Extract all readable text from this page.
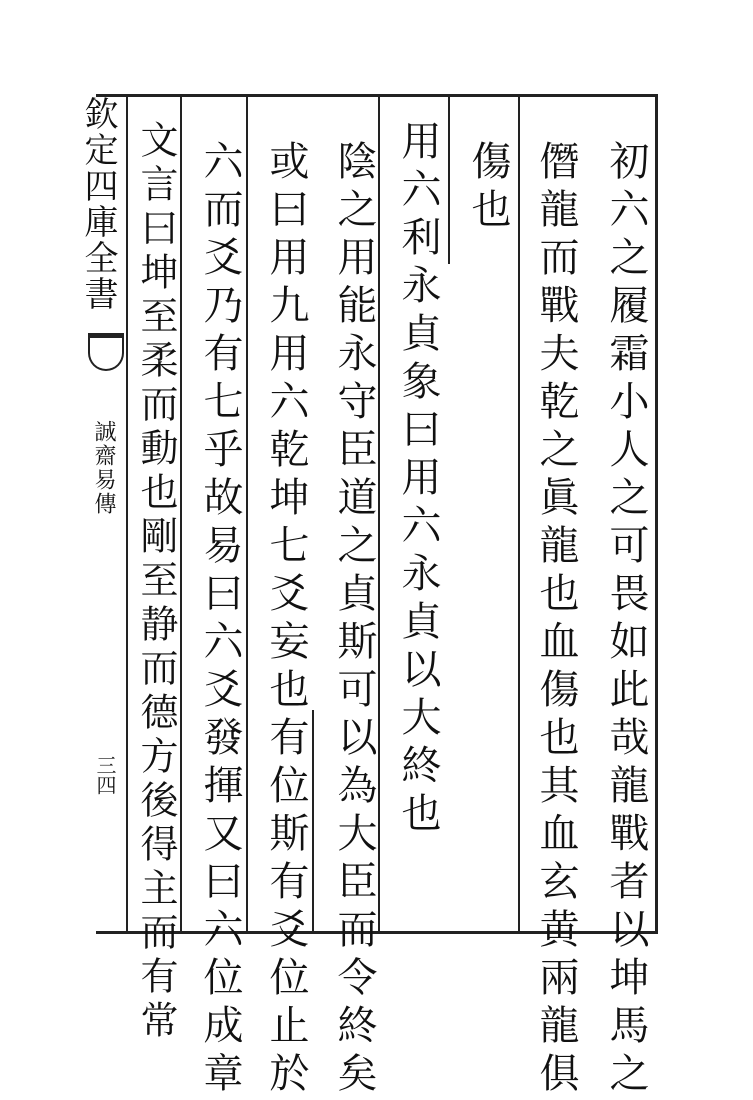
欽定四庫全書
誠齋易傳
三四	初六之履霜小人之可畏如此哉龍戰者以坤馬之
僭龍而戰夫乾之眞龍也血傷也其血玄黄兩龍俱
傷也
用六利永貞象曰用六永貞以大終也
陰之用能永守臣道之貞斯可以為大臣而令終矣
或曰用九用六乾坤七爻妄也有位斯有爻位止於
六而爻乃有七乎故易曰六爻發揮又曰六位成章
文言曰坤至柔而動也剛至静而德方後得主而有常
